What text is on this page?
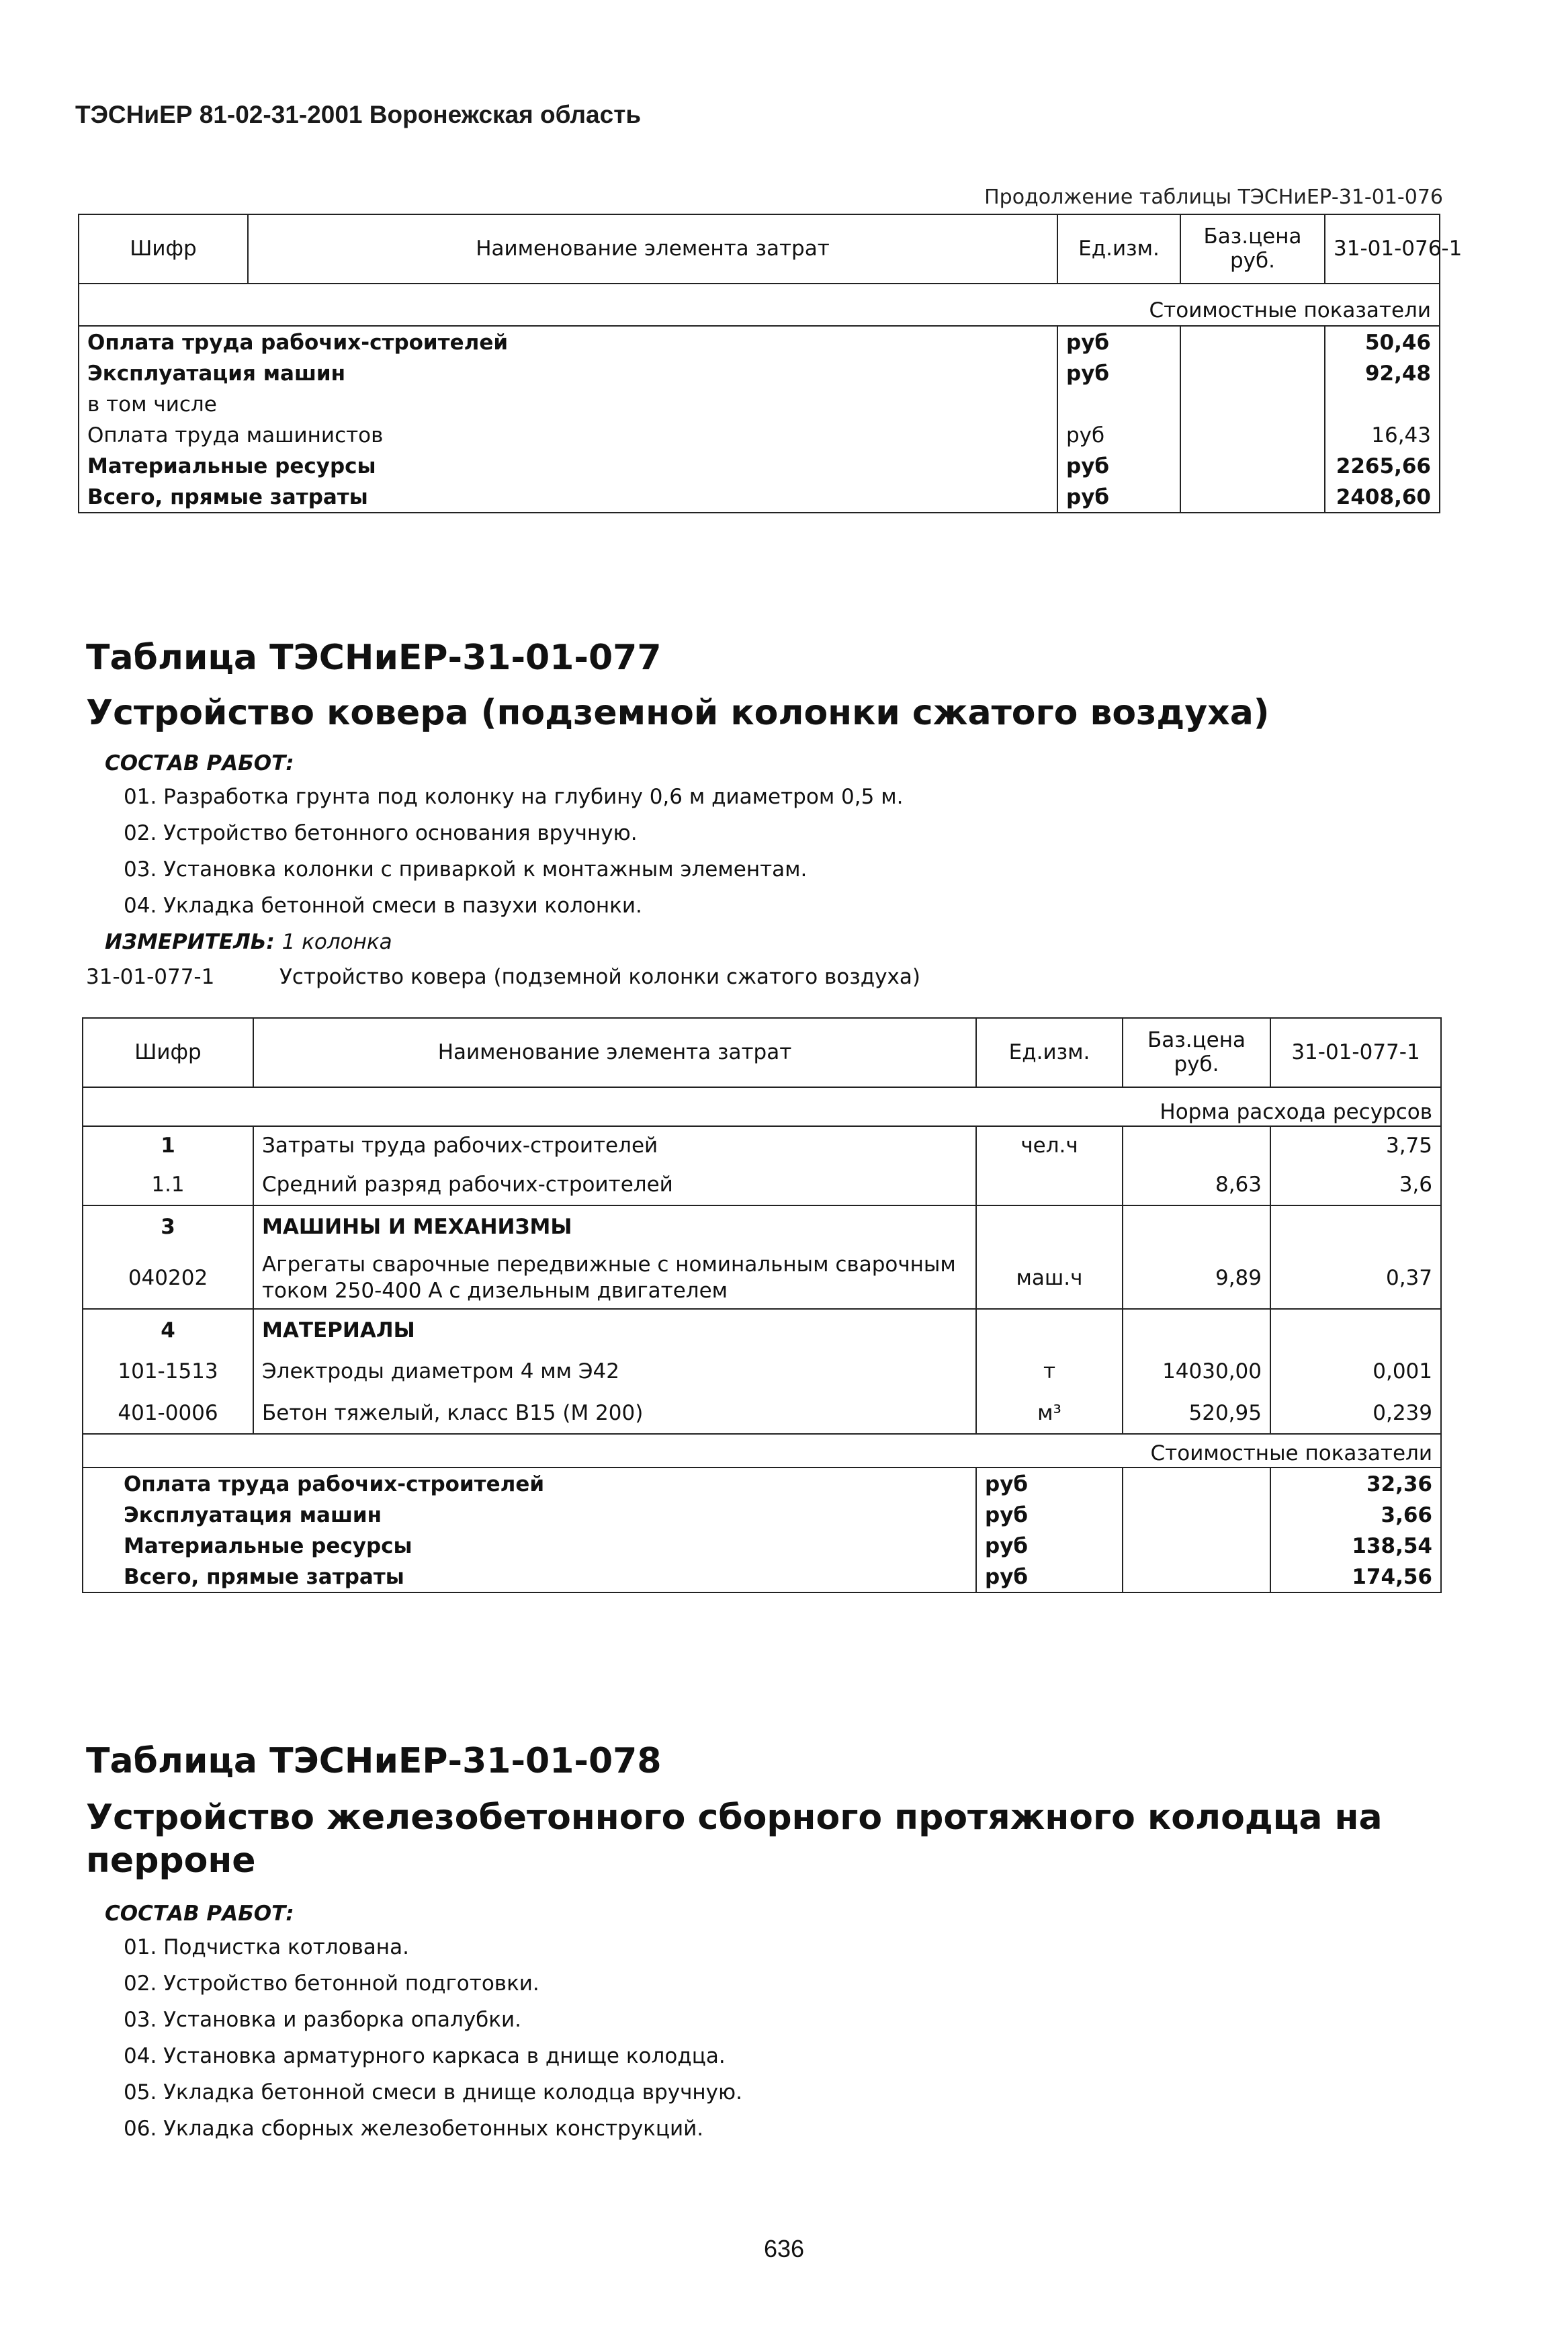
ТЭСНиЕР 81-02-31-2001 Воронежская область
Продолжение таблицы ТЭСНиЕР-31-01-076
Шифр	Наименование элемента затрат	Ед.изм.	Баз.цена руб.	31-01-076-1
Стоимостные показатели				
Оплата труда рабочих-строителей		руб		50,46
Эксплуатация машин		руб		92,48
в том числе				
Оплата труда машинистов		руб		16,43
Материальные ресурсы		руб		2265,66
Всего, прямые затраты		руб		2408,60
Таблица ТЭСНиЕР-31-01-077
Устройство ковера (подземной колонки сжатого воздуха)
СОСТАВ РАБОТ:
01. Разработка грунта под колонку на глубину 0,6 м диаметром 0,5 м.
02. Устройство бетонного основания вручную.
03. Установка колонки с приваркой к монтажным элементам.
04. Укладка бетонной смеси в пазухи колонки.
ИЗМЕРИТЕЛЬ: 1 колонка
31-01-077-1	Устройство ковера (подземной колонки сжатого воздуха)
Шифр	Наименование элемента затрат	Ед.изм.	Баз.цена руб.	31-01-077-1
Норма расхода ресурсов				
1	Затраты труда рабочих-строителей	чел.ч		3,75
1.1	Средний разряд рабочих-строителей		8,63	3,6
3	МАШИНЫ И МЕХАНИЗМЫ			
040202	Агрегаты сварочные передвижные с номинальным сварочным током 250-400 А с дизельным двигателем	маш.ч	9,89	0,37
4	МАТЕРИАЛЫ			
101-1513	Электроды диаметром 4 мм Э42	т	14030,00	0,001
401-0006	Бетон тяжелый, класс В15 (М 200)	м³	520,95	0,239
Стоимостные показатели				
Оплата труда рабочих-строителей		руб		32,36
Эксплуатация машин		руб		3,66
Материальные ресурсы		руб		138,54
Всего, прямые затраты		руб		174,56
Таблица ТЭСНиЕР-31-01-078
Устройство железобетонного сборного протяжного колодца на
перроне
СОСТАВ РАБОТ:
01. Подчистка котлована.
02. Устройство бетонной подготовки.
03. Установка и разборка опалубки.
04. Установка арматурного каркаса в днище колодца.
05. Укладка бетонной смеси в днище колодца вручную.
06. Укладка сборных железобетонных конструкций.
636
